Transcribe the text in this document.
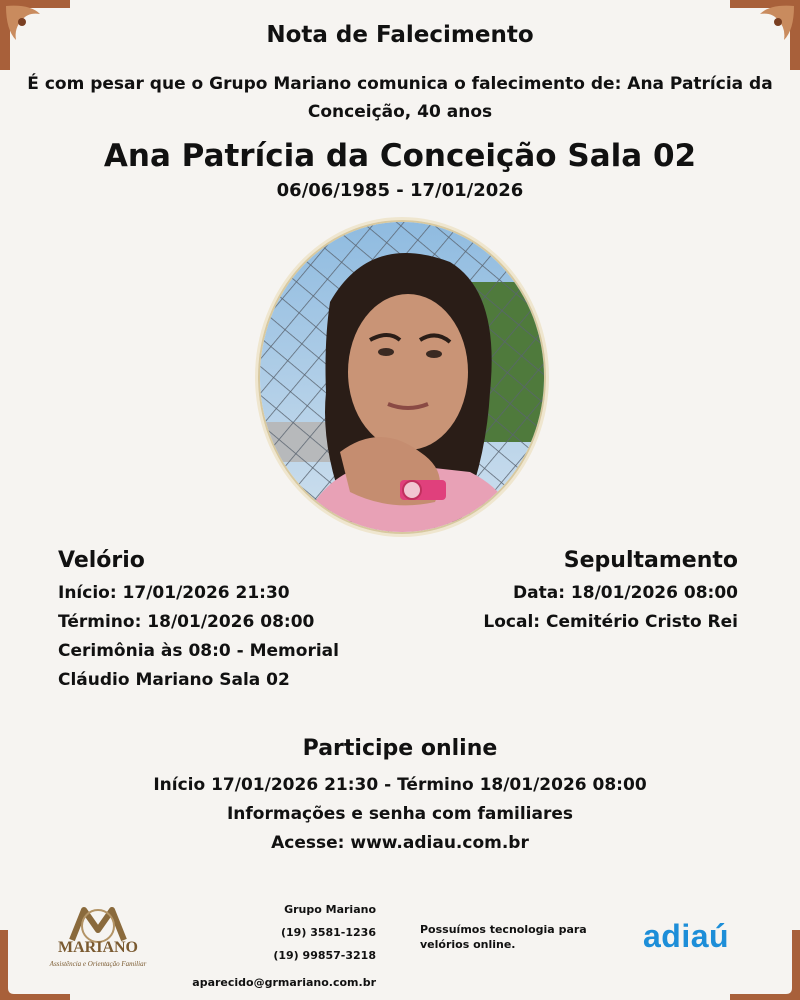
Nota de Falecimento
É com pesar que o Grupo Mariano comunica o falecimento de: Ana Patrícia da Conceição, 40 anos
Ana Patrícia da Conceição Sala 02
06/06/1985 - 17/01/2026
Velório
Início: 17/01/2026 21:30
Término: 18/01/2026 08:00
Cerimônia às 08:0 - Memorial
Cláudio Mariano Sala 02
Sepultamento
Data: 18/01/2026 08:00
Local: Cemitério Cristo Rei
Participe online
Início 17/01/2026 21:30 - Término 18/01/2026 08:00
Informações e senha com familiares
Acesse: www.adiau.com.br
MARIANO
Assistência e Orientação Familiar
Grupo Mariano
(19) 3581-1236
(19) 99857-3218
aparecido@grmariano.com.br
Possuímos tecnologia para velórios online.	adiaú
